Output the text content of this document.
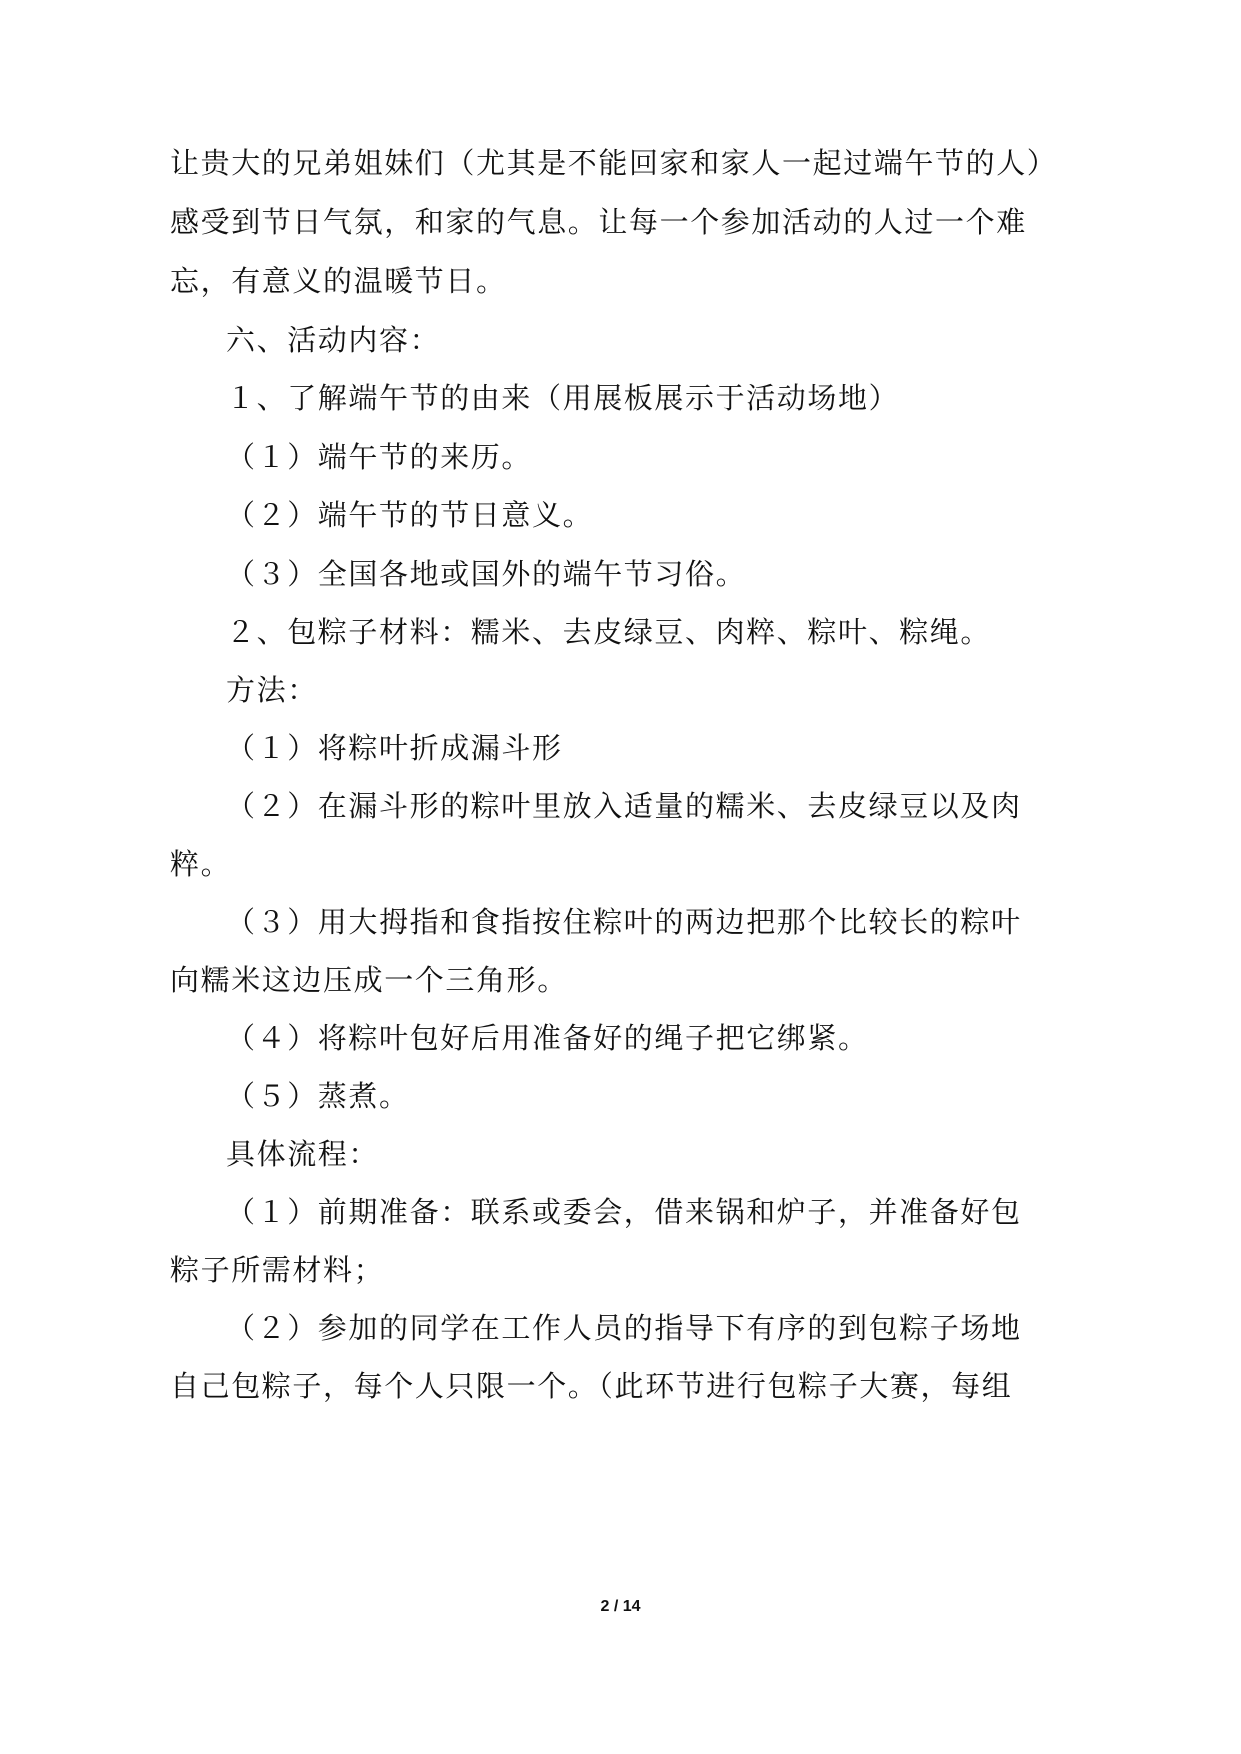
让贵大的兄弟姐妹们（尤其是不能回家和家人一起过端午节的人）
感受到节日气氛，和家的气息。让每一个参加活动的人过一个难
忘，有意义的温暖节日。
六、活动内容：
１、了解端午节的由来（用展板展示于活动场地）
（１）端午节的来历。
（２）端午节的节日意义。
（３）全国各地或国外的端午节习俗。
２、包粽子材料：糯米、去皮绿豆、肉粹、粽叶、粽绳。
方法：
（１）将粽叶折成漏斗形
（２）在漏斗形的粽叶里放入适量的糯米、去皮绿豆以及肉
粹。
（３）用大拇指和食指按住粽叶的两边把那个比较长的粽叶
向糯米这边压成一个三角形。
（４）将粽叶包好后用准备好的绳子把它绑紧。
（５）蒸煮。
具体流程：
（１）前期准备：联系或委会，借来锅和炉子，并准备好包
粽子所需材料；
（２）参加的同学在工作人员的指导下有序的到包粽子场地
自己包粽子，每个人只限一个。（此环节进行包粽子大赛，每组
2 / 14
